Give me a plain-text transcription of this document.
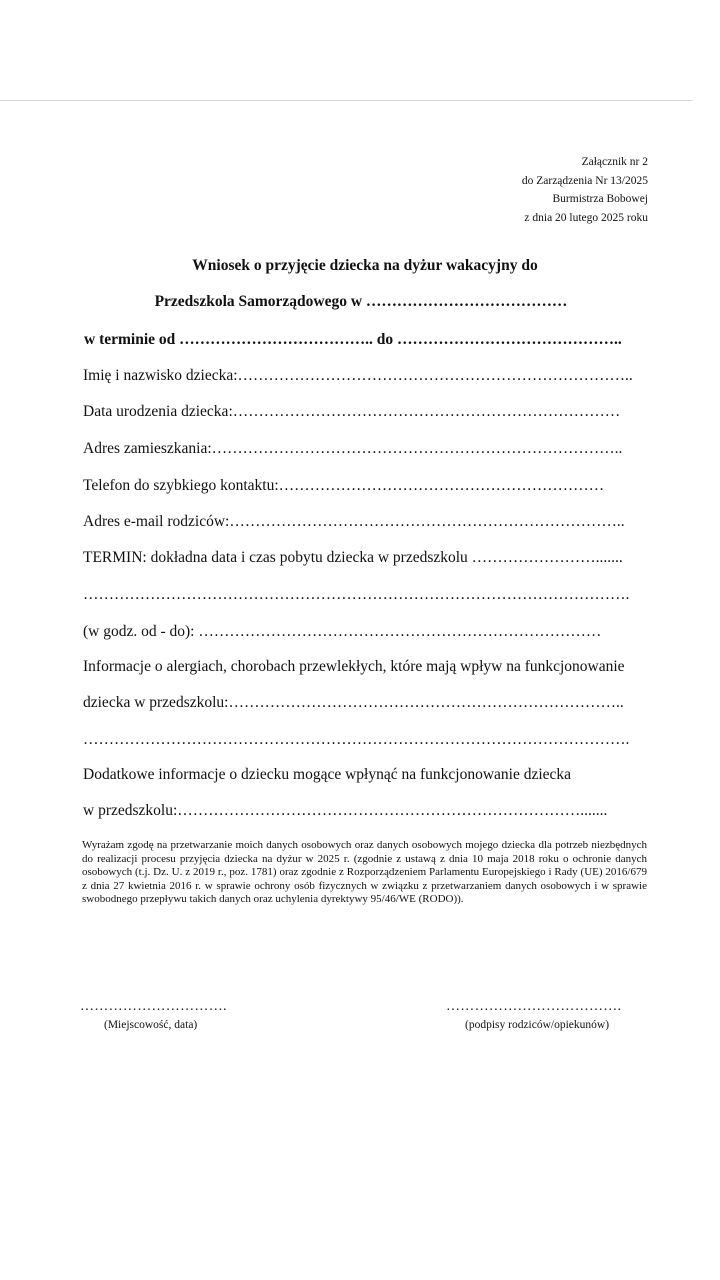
Załącznik nr 2
do Zarządzenia Nr 13/2025
Burmistrza Bobowej
z dnia 20 lutego 2025 roku
Wniosek o przyjęcie dziecka na dyżur wakacyjny do
Przedszkola Samorządowego w …………………………………
w terminie od ……………………………….. do ……………………………………..
Imię i nazwisko dziecka:…………………………………………………………………..
Data urodzenia dziecka:…………………………………………………………………
Adres zamieszkania:……………………………………………………………………..
Telefon do szybkiego kontaktu:………………………………………………………
Adres e-mail rodziców:…………………………………………………………………..
TERMIN: dokładna data i czas pobytu dziecka w przedszkolu …………………….......
…………………………………………………………………………………………….
(w godz. od - do): ……………………………………………………………………
Informacje o alergiach, chorobach przewlekłych, które mają wpływ na funkcjonowanie
dziecka w przedszkolu:…………………………………………………………………..
…………………………………………………………………………………………….
Dodatkowe informacje o dziecku mogące wpłynąć na funkcjonowanie dziecka
w przedszkolu:…………………………………………………………………….......
Wyrażam zgodę na przetwarzanie moich danych osobowych oraz danych osobowych mojego dziecka dla potrzeb niezbędnych do realizacji procesu przyjęcia dziecka na dyżur w 2025 r. (zgodnie z ustawą z dnia 10 maja 2018 roku o ochronie danych osobowych (t.j. Dz. U. z 2019 r., poz. 1781) oraz zgodnie z Rozporządzeniem Parlamentu Europejskiego i Rady (UE) 2016/679 z dnia 27 kwietnia 2016 r. w sprawie ochrony osób fizycznych w związku z przetwarzaniem danych osobowych i w sprawie swobodnego przepływu takich danych oraz uchylenia dyrektywy 95/46/WE (RODO)).
………………………….
(Miejscowość, data)
……………………………….
(podpisy rodziców/opiekunów)
